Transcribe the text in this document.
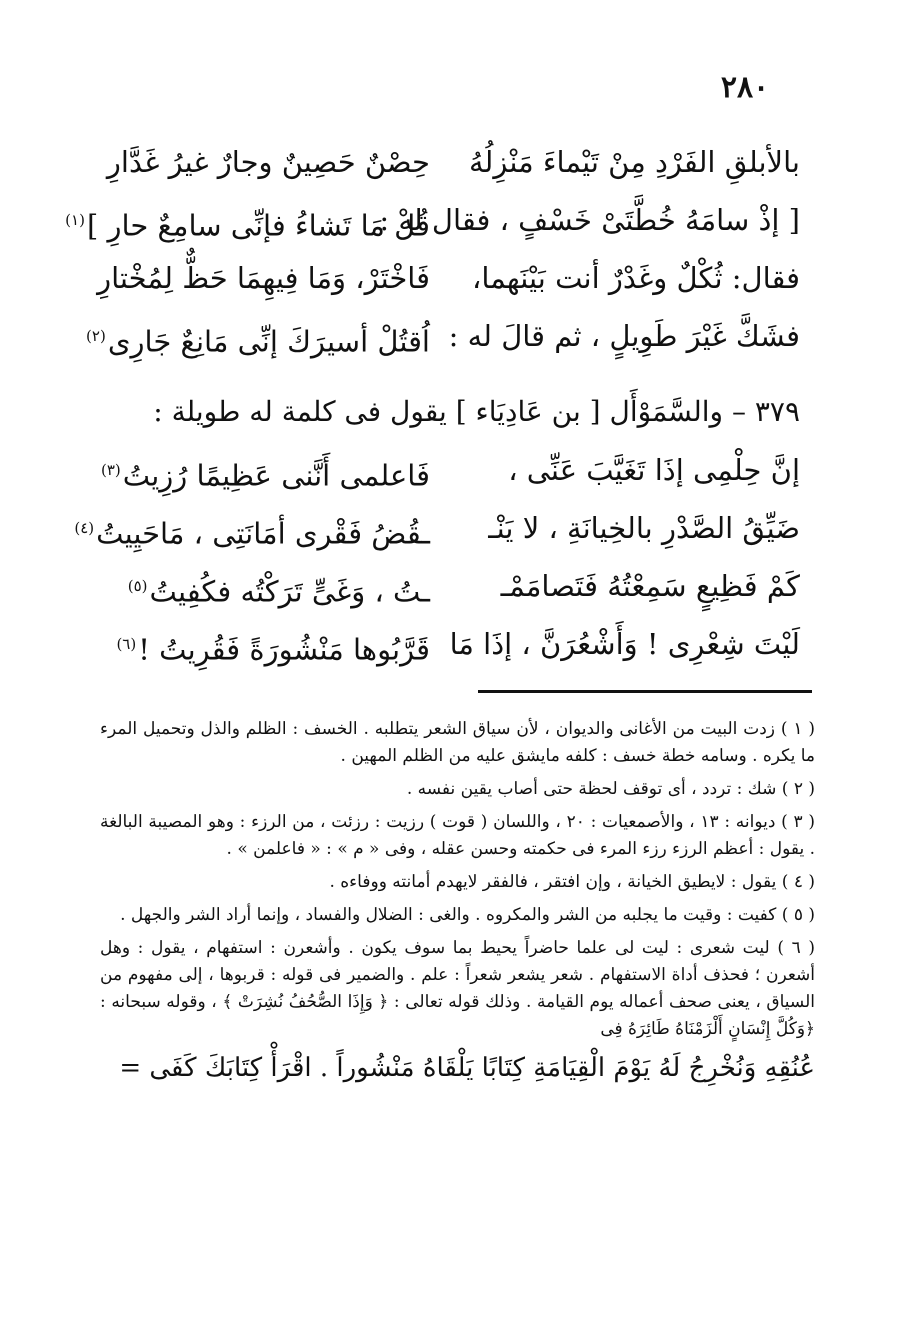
٢٨٠
بالأبلقِ الفَرْدِ مِنْ تَيْماءَ مَنْزِلُهُ
حِصْنٌ حَصِينٌ وجارٌ غيرُ غَدَّارِ
[ إذْ سامَهُ خُطَّتَىْ خَسْفٍ ، فقال له :
قُلْ مَا تَشاءُ فإنِّى سامِعٌ حارِ ](١)
فقال: ثُكْلٌ وغَدْرٌ أنت بَيْنَهما،
فَاخْتَرْ، وَمَا فِيهِمَا حَظٌّ لِمُخْتارِ
فشَكَّ غَيْرَ طَوِيلٍ ، ثم قالَ له :
اُقتُلْ أسيرَكَ إنِّى مَانِعٌ جَارِى(٢)
٣٧٩ – والسَّمَوْأَل [ بن عَادِيَاء ] يقول فى كلمة له طويلة :
إنَّ حِلْمِى إذَا تَغَيَّبَ عَنِّى ،
فَاعلمى أَنَّنى عَظِيمًا رُزِيتُ(٣)
ضَيِّقُ الصَّدْرِ بالخِيانَةِ ، لا يَنْـ
ـقُضُ فَقْرى أمَانَتِى ، مَاحَيِيتُ(٤)
كَمْ فَظِيعٍ سَمِعْتُهُ فَتَصامَمْـ
ـتُ ، وَغَىٍّ تَرَكْتُه فكُفِيتُ(٥)
لَيْتَ شِعْرِى ! وَأَشْعُرَنَّ ، إذَا مَا
قَرَّبُوها مَنْشُورَةً فَقُرِيتُ !(٦)

( ١ ) زدت البيت من الأغانى والديوان ، لأن سياق الشعر يتطلبه . الخسف : الظلم والذل وتحميل المرء ما يكره . وسامه خطة خسف : كلفه مايشق عليه من الظلم المهين .

( ٢ ) شك : تردد ، أى توقف لحظة حتى أصاب يقين نفسه .

( ٣ ) ديوانه : ١٣ ، والأصمعيات : ٢٠ ، واللسان ( قوت ) رزيت : رزئت ، من الرزء : وهو المصيبة البالغة . يقول : أعظم الرزء رزء المرء فى حكمته وحسن عقله ، وفى « م » : « فاعلمن » .

( ٤ ) يقول : لايطيق الخيانة ، وإن افتقر ، فالفقر لايهدم أمانته ووفاءه .

( ٥ ) كفيت : وقيت ما يجلبه من الشر والمكروه . والغى : الضلال والفساد ، وإنما أراد الشر والجهل .

( ٦ ) ليت شعرى : ليت لى علما حاضراً يحيط بما سوف يكون . وأشعرن : استفهام ، يقول : وهل أشعرن ؛ فحذف أداة الاستفهام . شعر يشعر شعراً : علم . والضمير فى قوله : قربوها ، إلى مفهوم من السياق ، يعنى صحف أعماله يوم القيامة . وذلك قوله تعالى : ﴿ وَإِذَا الصُّحُفُ نُشِرَتْ ﴾ ، وقوله سبحانه : ﴿وَكُلَّ إِنْسَانٍ أَلْزَمْنَاهُ طَائِرَهُ فِى

عُنُقِهِ وَنُخْرِجُ لَهُ يَوْمَ الْقِيَامَةِ كِتَابًا يَلْقَاهُ مَنْشُوراً . اقْرَأْ كِتَابَكَ كَفَى =
